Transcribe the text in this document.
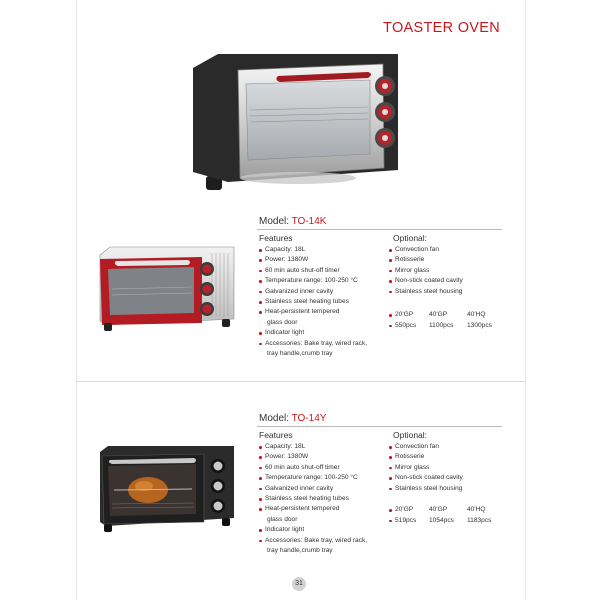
TOASTER OVEN
Model: TO-14K
Features	Optional:
Capacity: 18L
Power: 1380W
60 min auto shut-off timer
Temperature range: 100-250 °C
Galvanized inner cavity
Stainless steel heating tubes
Heat-persistent tempered
glass door
Indicator light
Accessories: Bake tray, wired rack,
tray handle,crumb tray
Convection fan
Rotisserie
Mirror glass
Non-stick coated cavity
Stainless steel housing
20'GP	40'GP	40'HQ
550pcs	1100pcs	1300pcs
Model: TO-14Y
Features	Optional:
Capacity: 18L
Power: 1380W
60 min auto shut-off timer
Temperature range: 100-250 °C
Galvanized inner cavity
Stainless steel heating tubes
Heat-persistent tempered
glass door
Indicator light
Accessories: Bake tray, wired rack,
tray handle,crumb tray
Convection fan
Rotisserie
Mirror glass
Non-stick coated cavity
Stainless steel housing
20'GP	40'GP	40'HQ
519pcs	1054pcs	1183pcs
31
